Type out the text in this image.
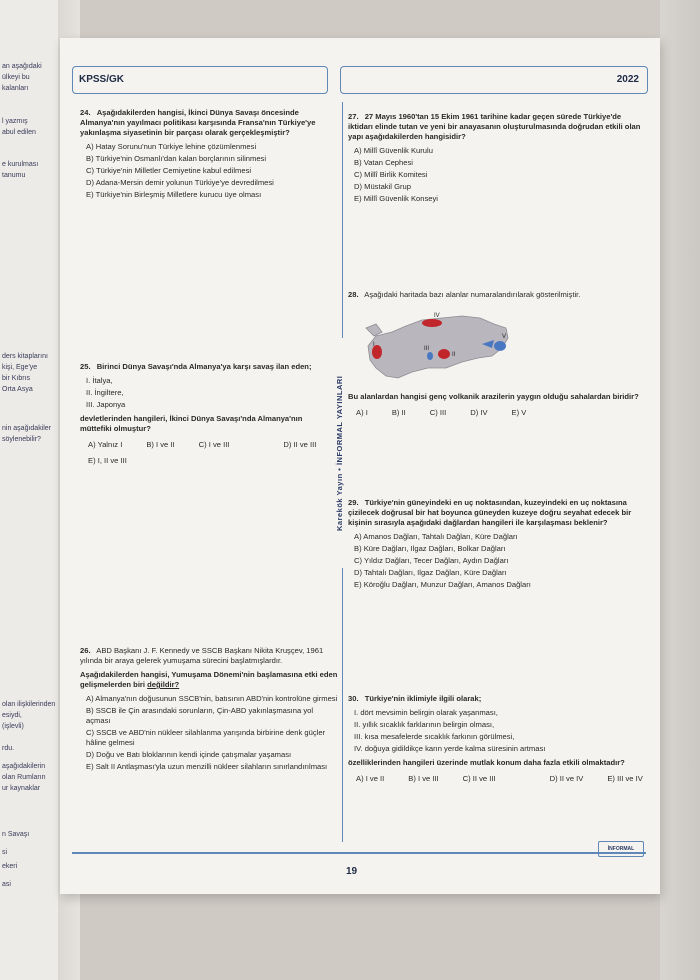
an aşağıdaki
ülkeyi bu
kalanları
l yazmış
abul edilen
e kurulması
tanumu
ders kitaplarını
kişi, Ege'ye
bir Kıbrıs
Orta Asya
nin aşağıdakiler
söylenebilir?
olan ilişkilerinden
esiydi,
(işlevli)
rdu.
aşağıdakilerin
olan Rumların
ur kaynaklar
n Savaşı
si
ekeri
asi
KPSS/GK	2022
Karekök Yayın • İNFORMAL YAYINLARI
24. Aşağıdakilerden hangisi, İkinci Dünya Savaşı öncesinde Almanya'nın yayılmacı politikası karşısında Fransa'nın Türkiye'ye yakınlaşma siyasetinin bir parçası olarak gerçekleşmiştir?
A) Hatay Sorunu'nun Türkiye lehine çözümlenmesi
B) Türkiye'nin Osmanlı'dan kalan borçlarının silinmesi
C) Türkiye'nin Milletler Cemiyetine kabul edilmesi
D) Adana-Mersin demir yolunun Türkiye'ye devredilmesi
E) Türkiye'nin Birleşmiş Milletlere kurucu üye olması
25. Birinci Dünya Savaşı'nda Almanya'ya karşı savaş ilan eden;
I. İtalya,
II. İngiltere,
III. Japonya
devletlerinden hangileri, İkinci Dünya Savaşı'nda Almanya'nın müttefiki olmuştur?
A) Yalnız I	B) I ve II	C) I ve III	D) II ve III
E) I, II ve III
26. ABD Başkanı J. F. Kennedy ve SSCB Başkanı Nikita Kruşçev, 1961 yılında bir araya gelerek yumuşama sürecini başlatmışlardır.
Aşağıdakilerden hangisi, Yumuşama Dönemi'nin başlamasına etki eden gelişmelerden biri değildir?
A) Almanya'nın doğusunun SSCB'nin, batısının ABD'nin kontrolüne girmesi
B) SSCB ile Çin arasındaki sorunların, Çin-ABD yakınlaşmasına yol açması
C) SSCB ve ABD'nin nükleer silahlanma yarışında birbirine denk güçler hâline gelmesi
D) Doğu ve Batı bloklarının kendi içinde çatışmalar yaşaması
E) Salt II Antlaşması'yla uzun menzilli nükleer silahların sınırlandırılması
27. 27 Mayıs 1960'tan 15 Ekim 1961 tarihine kadar geçen sürede Türkiye'de iktidarı elinde tutan ve yeni bir anayasanın oluşturulmasında doğrudan etkili olan yapı aşağıdakilerden hangisidir?
A) Millî Güvenlik Kurulu
B) Vatan Cephesi
C) Millî Birlik Komitesi
D) Müstakil Grup
E) Millî Güvenlik Konseyi
28. Aşağıdaki haritada bazı alanlar numaralandırılarak gösterilmiştir.
IV
I
II
III
V
Bu alanlardan hangisi genç volkanik arazilerin yaygın olduğu sahalardan biridir?
A) I	B) II	C) III	D) IV	E) V
29. Türkiye'nin güneyindeki en uç noktasından, kuzeyindeki en uç noktasına çizilecek doğrusal bir hat boyunca güneyden kuzeye doğru seyahat edecek bir kişinin sırasıyla aşağıdaki dağlardan hangileri ile karşılaşması beklenir?
A) Amanos Dağları, Tahtalı Dağları, Küre Dağları
B) Küre Dağları, Ilgaz Dağları, Bolkar Dağları
C) Yıldız Dağları, Tecer Dağları, Aydın Dağları
D) Tahtalı Dağları, Ilgaz Dağları, Küre Dağları
E) Köroğlu Dağları, Munzur Dağları, Amanos Dağları
30. Türkiye'nin iklimiyle ilgili olarak;
I. dört mevsimin belirgin olarak yaşanması,
II. yıllık sıcaklık farklarının belirgin olması,
III. kısa mesafelerde sıcaklık farkının görülmesi,
IV. doğuya gidildikçe karın yerde kalma süresinin artması
özelliklerinden hangileri üzerinde mutlak konum daha fazla etkili olmaktadır?
A) I ve II	B) I ve III	C) II ve III	D) II ve IV	E) III ve IV
İNFORMAL
19
